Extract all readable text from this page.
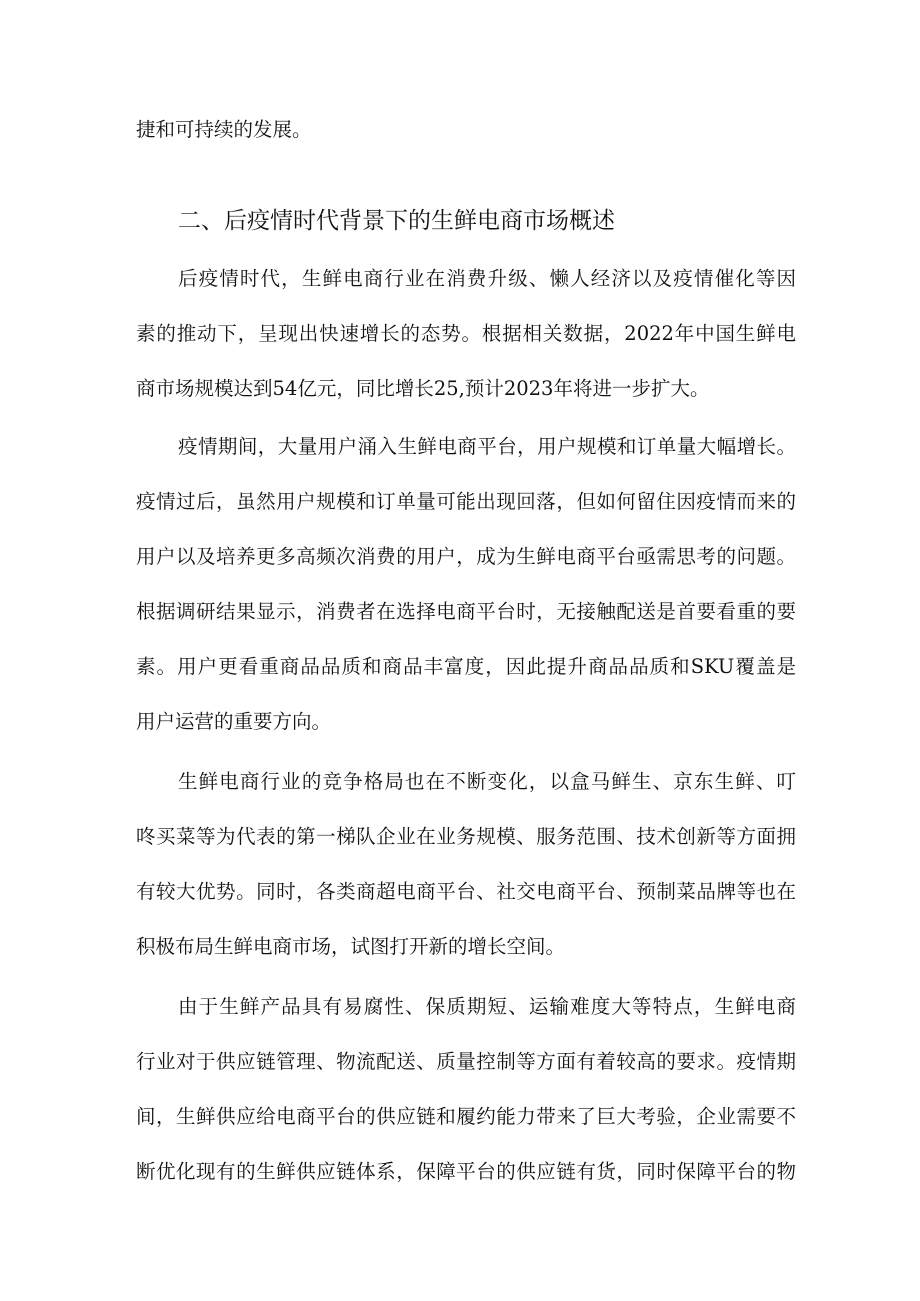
捷和可持续的发展。
二、后疫情时代背景下的生鲜电商市场概述
后疫情时代，生鲜电商行业在消费升级、懒人经济以及疫情催化等因
素的推动下，呈现出快速增长的态势。根据相关数据，2022年中国生鲜电
商市场规模达到54亿元，同比增长25,预计2023年将进一步扩大。
疫情期间，大量用户涌入生鲜电商平台，用户规模和订单量大幅增长。
疫情过后，虽然用户规模和订单量可能出现回落，但如何留住因疫情而来的
用户以及培养更多高频次消费的用户，成为生鲜电商平台亟需思考的问题。
根据调研结果显示，消费者在选择电商平台时，无接触配送是首要看重的要
素。用户更看重商品品质和商品丰富度，因此提升商品品质和SKU覆盖是
用户运营的重要方向。
生鲜电商行业的竞争格局也在不断变化，以盒马鲜生、京东生鲜、叮
咚买菜等为代表的第一梯队企业在业务规模、服务范围、技术创新等方面拥
有较大优势。同时，各类商超电商平台、社交电商平台、预制菜品牌等也在
积极布局生鲜电商市场，试图打开新的增长空间。
由于生鲜产品具有易腐性、保质期短、运输难度大等特点，生鲜电商
行业对于供应链管理、物流配送、质量控制等方面有着较高的要求。疫情期
间，生鲜供应给电商平台的供应链和履约能力带来了巨大考验，企业需要不
断优化现有的生鲜供应链体系，保障平台的供应链有货，同时保障平台的物
